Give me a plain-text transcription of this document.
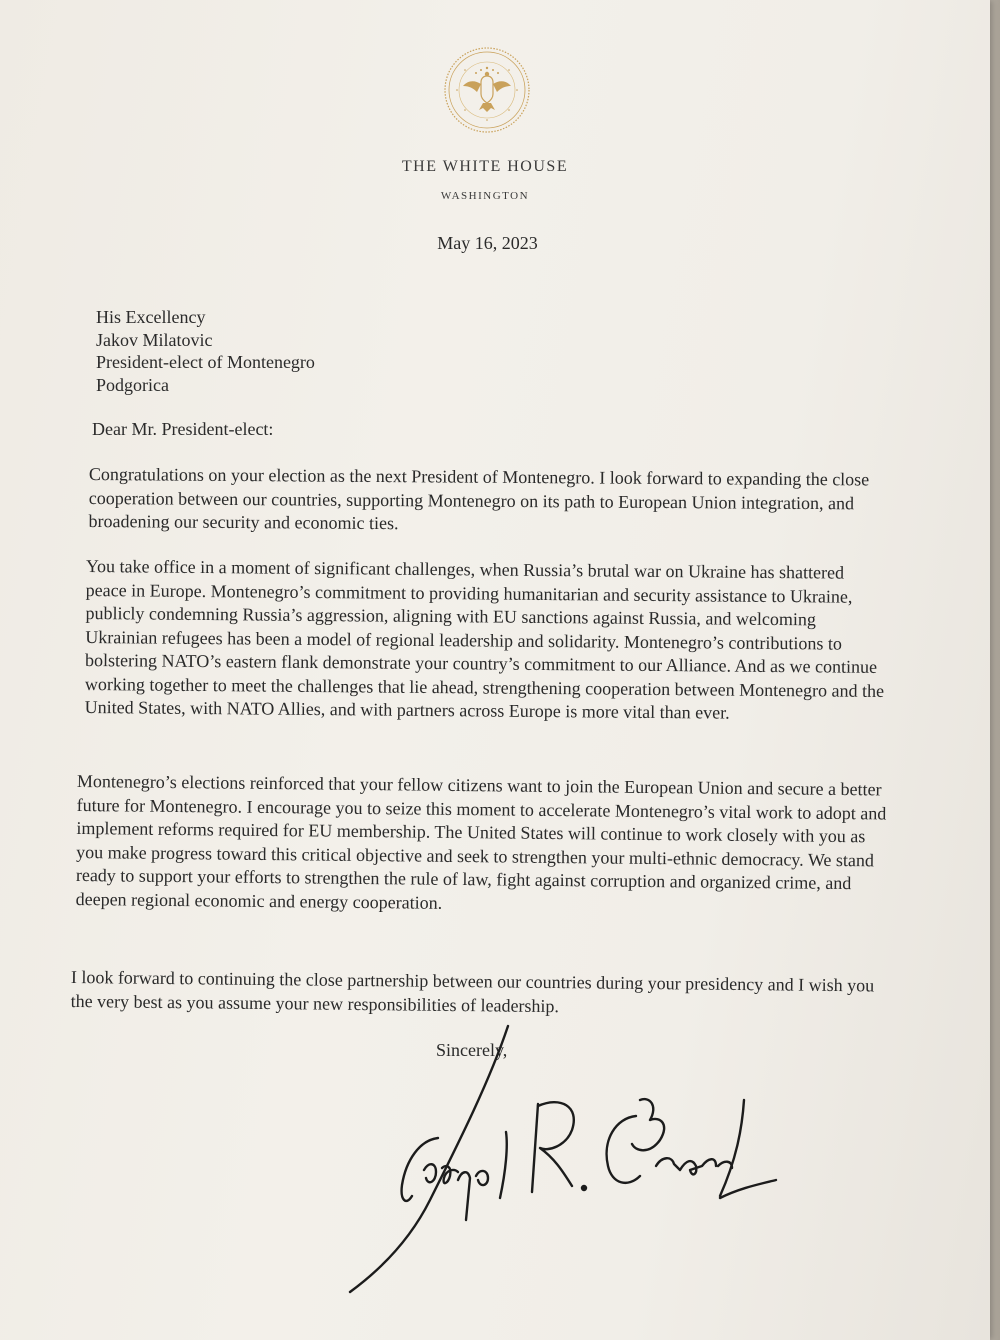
THE WHITE HOUSE
WASHINGTON
May 16, 2023
His Excellency
Jakov Milatovic
President-elect of Montenegro
Podgorica
Dear Mr. President-elect:

Congratulations on your election as the next President of Montenegro. I look forward to expanding the close cooperation between our countries, supporting Montenegro on its path to European Union integration, and broadening our security and economic ties.

You take office in a moment of significant challenges, when Russia’s brutal war on Ukraine has shattered peace in Europe. Montenegro’s commitment to providing humanitarian and security assistance to Ukraine, publicly condemning Russia’s aggression, aligning with EU sanctions against Russia, and welcoming Ukrainian refugees has been a model of regional leadership and solidarity. Montenegro’s contributions to bolstering NATO’s eastern flank demonstrate your country’s commitment to our Alliance. And as we continue working together to meet the challenges that lie ahead, strengthening cooperation between Montenegro and the United States, with NATO Allies, and with partners across Europe is more vital than ever.

Montenegro’s elections reinforced that your fellow citizens want to join the European Union and secure a better future for Montenegro. I encourage you to seize this moment to accelerate Montenegro’s vital work to adopt and implement reforms required for EU membership. The United States will continue to work closely with you as you make progress toward this critical objective and seek to strengthen your multi-ethnic democracy. We stand ready to support your efforts to strengthen the rule of law, fight against corruption and organized crime, and deepen regional economic and energy cooperation.

I look forward to continuing the close partnership between our countries during your presidency and I wish you the very best as you assume your new responsibilities of leadership.

Sincerely,
